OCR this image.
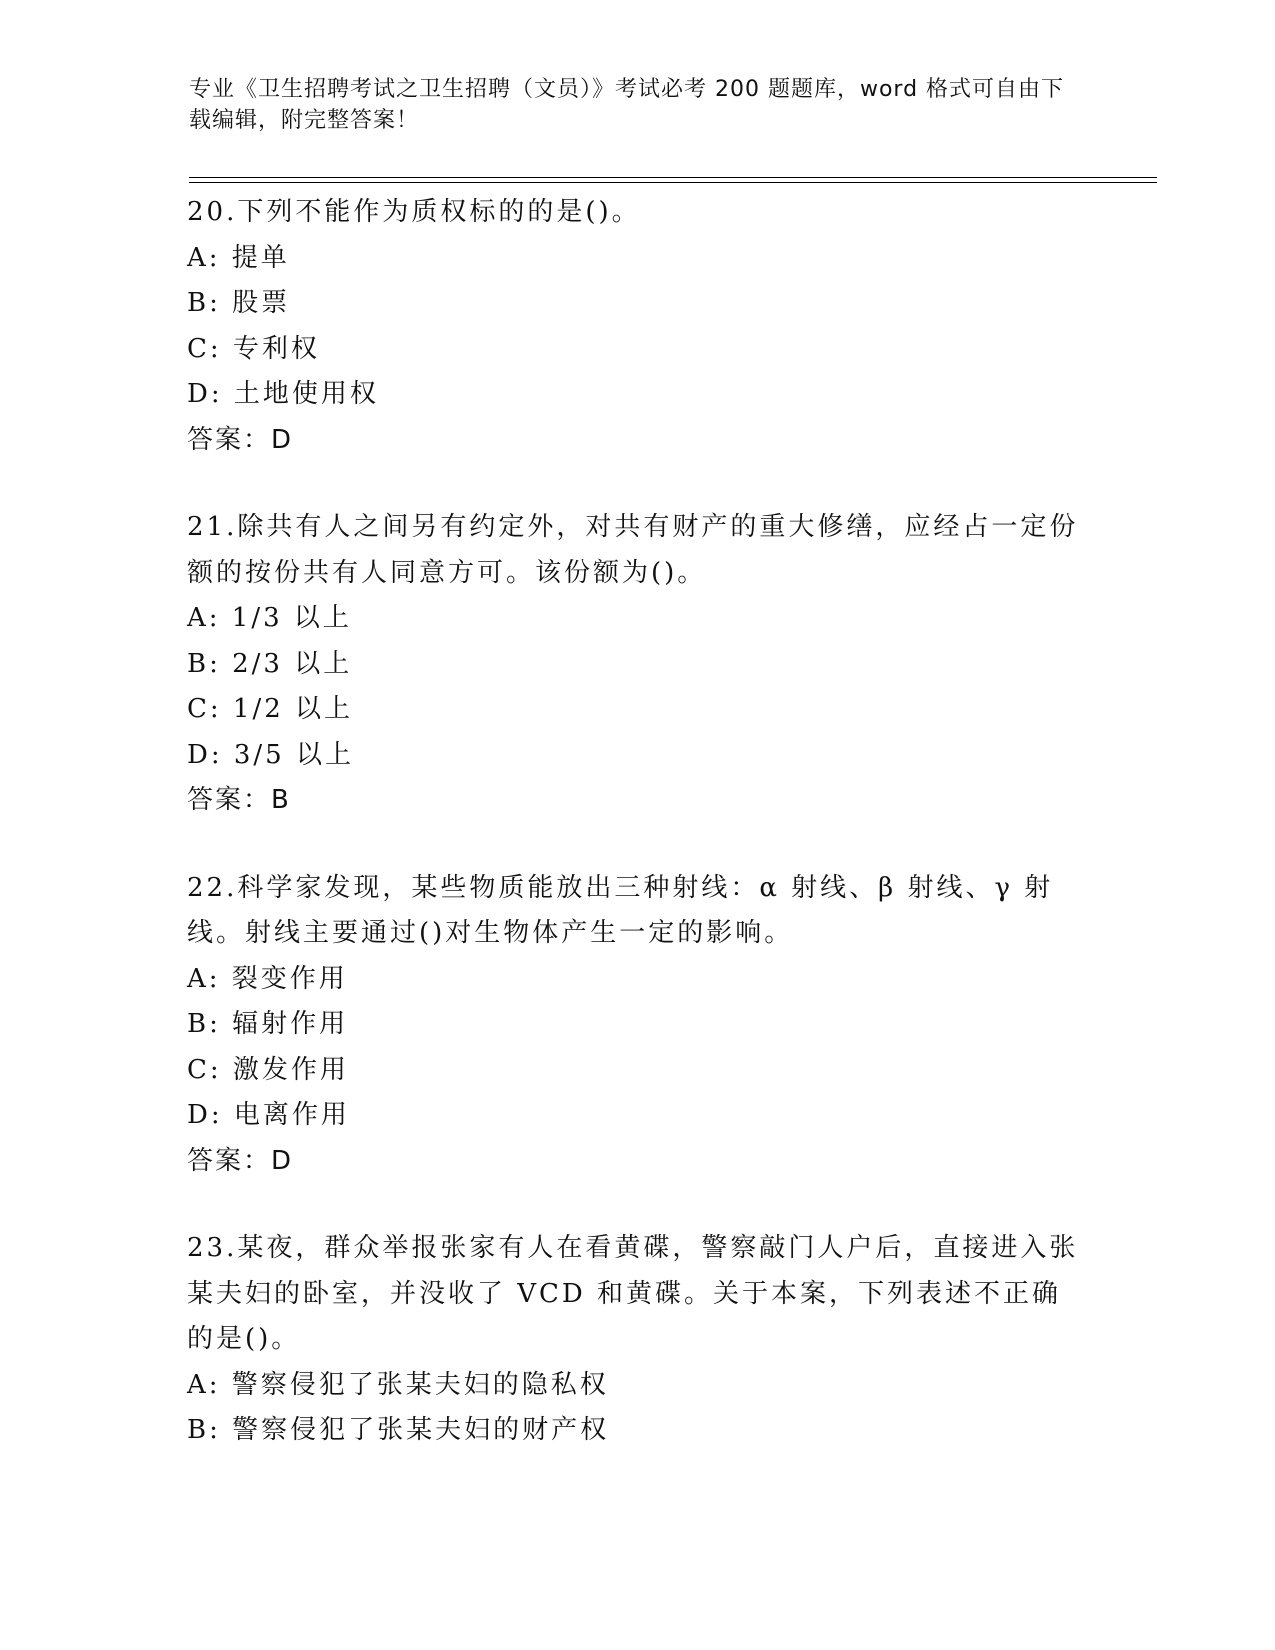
专业《卫生招聘考试之卫生招聘（文员）》考试必考 200 题题库，word 格式可自由下载编辑，附完整答案！

20.下列不能作为质权标的的是()。

A: 提单

B: 股票

C: 专利权

D: 土地使用权

答案：D

21.除共有人之间另有约定外，对共有财产的重大修缮，应经占一定份额的按份共有人同意方可。该份额为()。

A: 1/3 以上

B: 2/3 以上

C: 1/2 以上

D: 3/5 以上

答案：B

22.科学家发现，某些物质能放出三种射线：α 射线、β 射线、γ 射线。射线主要通过()对生物体产生一定的影响。

A: 裂变作用

B: 辐射作用

C: 激发作用

D: 电离作用

答案：D

23.某夜，群众举报张家有人在看黄碟，警察敲门人户后，直接进入张某夫妇的卧室，并没收了 VCD 和黄碟。关于本案，下列表述不正确的是()。

A: 警察侵犯了张某夫妇的隐私权

B: 警察侵犯了张某夫妇的财产权
